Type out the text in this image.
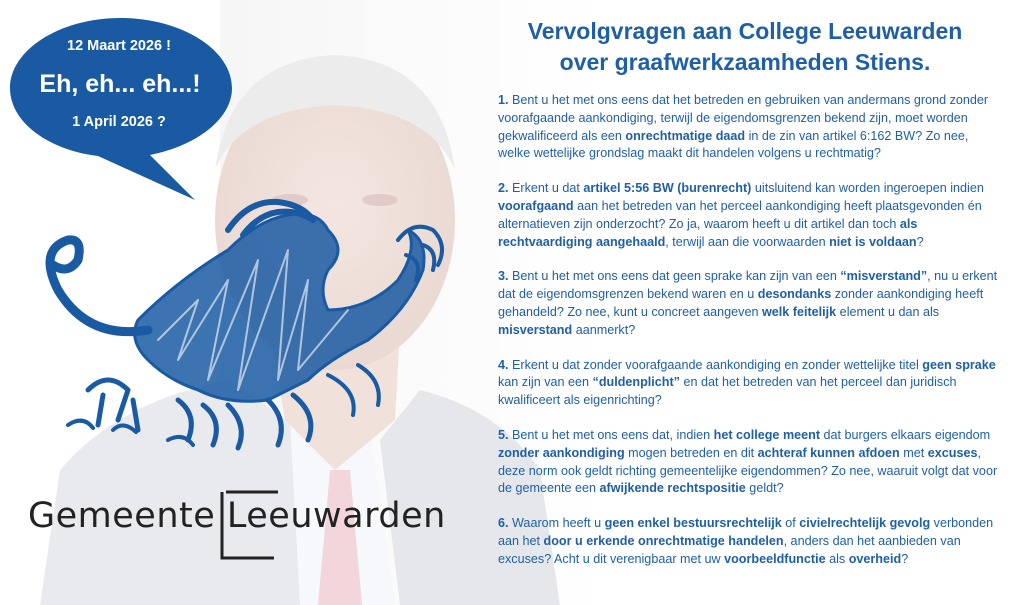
12 Maart 2026 !
Eh, eh... eh...!
1 April 2026 ?
Gemeente Leeuwarden
Vervolgvragen aan College Leeuwarden
over graafwerkzaamheden Stiens.
1. Bent u het met ons eens dat het betreden en gebruiken van andermans grond zonder voorafgaande aankondiging, terwijl de eigendomsgrenzen bekend zijn, moet worden gekwalificeerd als een onrechtmatige daad in de zin van artikel 6:162 BW? Zo nee, welke wettelijke grondslag maakt dit handelen volgens u rechtmatig?
2. Erkent u dat artikel 5:56 BW (burenrecht) uitsluitend kan worden ingeroepen indien voorafgaand aan het betreden van het perceel aankondiging heeft plaatsgevonden én alternatieven zijn onderzocht? Zo ja, waarom heeft u dit artikel dan toch als rechtvaardiging aangehaald, terwijl aan die voorwaarden niet is voldaan?
3. Bent u het met ons eens dat geen sprake kan zijn van een “misverstand”, nu u erkent dat de eigendomsgrenzen bekend waren en u desondanks zonder aankondiging heeft gehandeld? Zo nee, kunt u concreet aangeven welk feitelijk element u dan als misverstand aanmerkt?
4. Erkent u dat zonder voorafgaande aankondiging en zonder wettelijke titel geen sprake kan zijn van een “duldenplicht” en dat het betreden van het perceel dan juridisch kwalificeert als eigenrichting?
5. Bent u het met ons eens dat, indien het college meent dat burgers elkaars eigendom zonder aankondiging mogen betreden en dit achteraf kunnen afdoen met excuses, deze norm ook geldt richting gemeentelijke eigendommen? Zo nee, waaruit volgt dat voor de gemeente een afwijkende rechtspositie geldt?
6. Waarom heeft u geen enkel bestuursrechtelijk of civielrechtelijk gevolg verbonden aan het door u erkende onrechtmatige handelen, anders dan het aanbieden van excuses? Acht u dit verenigbaar met uw voorbeeldfunctie als overheid?
